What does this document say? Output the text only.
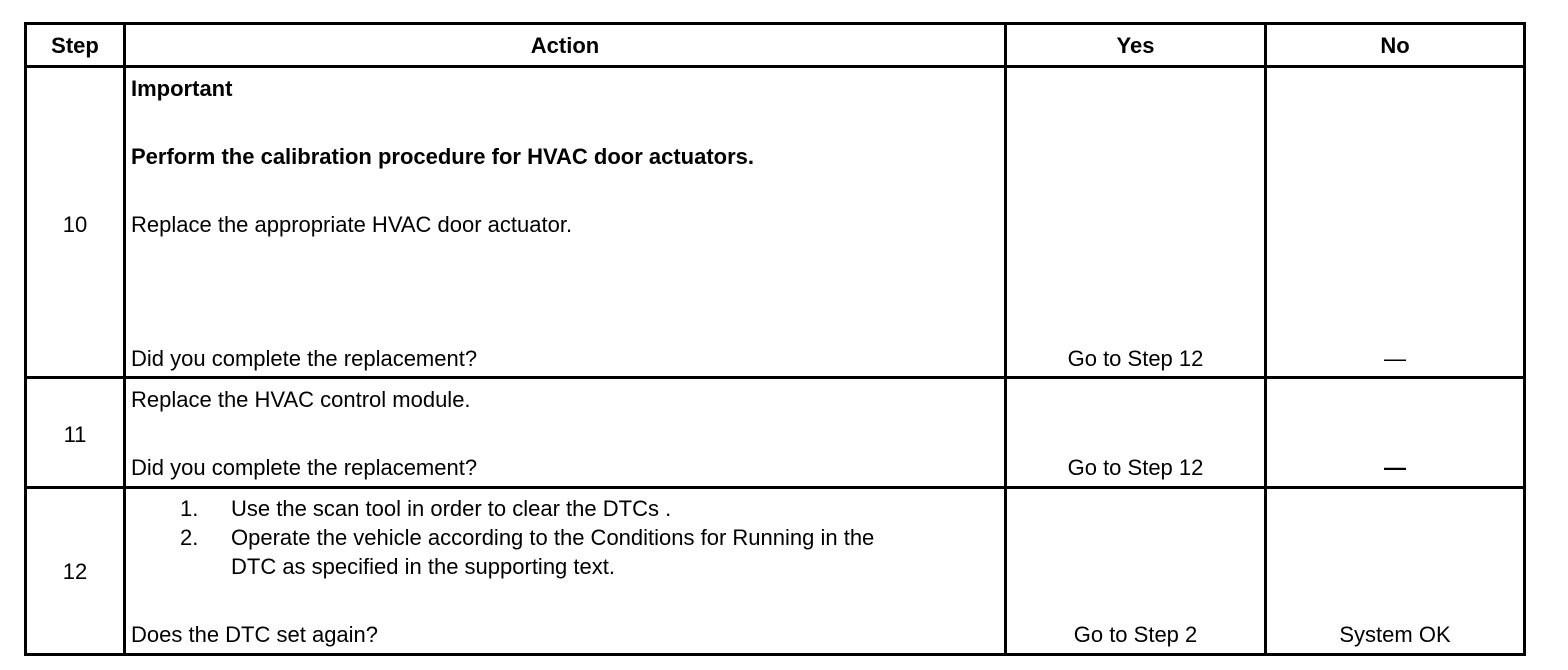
Step	Action	Yes	No
10
Important
Perform the calibration procedure for HVAC door actuators.
Replace the appropriate HVAC door actuator.
Did you complete the replacement?	Go to Step 12	—
11
Replace the HVAC control module.
Did you complete the replacement?	Go to Step 12	—
12
1. Use the scan tool in order to clear the DTCs .
2. Operate the vehicle according to the Conditions for Running in the
DTC as specified in the supporting text.
Does the DTC set again?	Go to Step 2	System OK
